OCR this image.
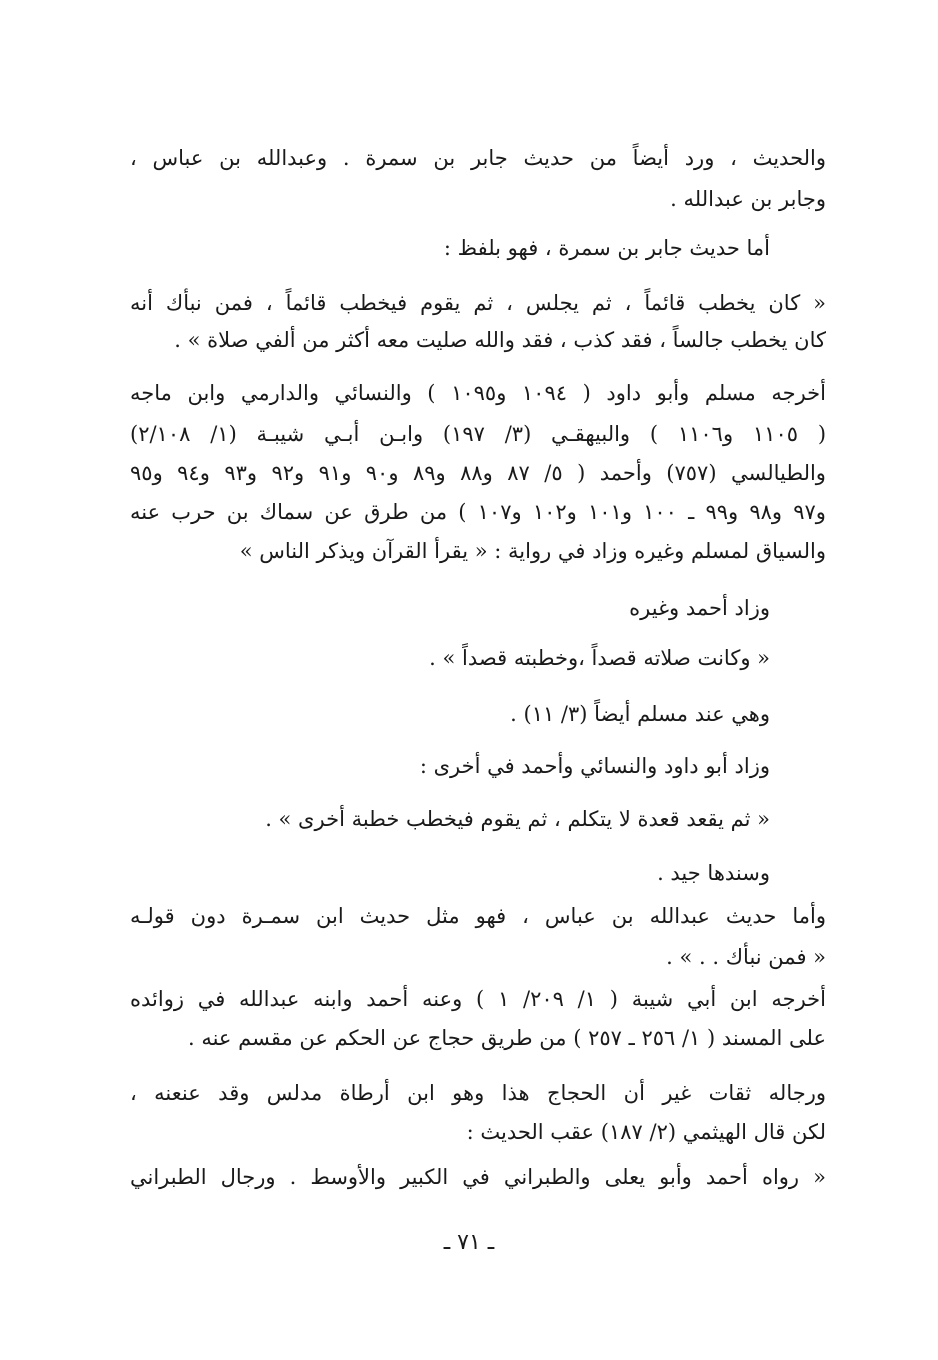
والحديث ، ورد أيضاً من حديث جابر بن سمرة . وعبدالله بن عباس ،
وجابر بن عبدالله .
أما حديث جابر بن سمرة ، فهو بلفظ :
« كان يخطب قائماً ، ثم يجلس ، ثم يقوم فيخطب قائماً ، فمن نبأك أنه
كان يخطب جالساً ، فقد كذب ، فقد والله صليت معه أكثر من ألفي صلاة » .
أخرجه مسلم وأبو داود ( ١٠٩٤ و١٠٩٥ ) والنسائي والدارمي وابن ماجه
( ١١٠٥ و١١٠٦ ) والبيهقـي (٣/ ١٩٧) وابـن أبـي شيبـة (١/ ٢/١٠٨)
والطيالسي (٧٥٧) وأحمد ( ٥/ ٨٧ و٨٨ و٨٩ و٩٠ و٩١ و٩٢ و٩٣ و٩٤ و٩٥
و٩٧ و٩٨ و٩٩ ـ ١٠٠ و١٠١ و١٠٢ و١٠٧ ) من طرق عن سماك بن حرب عنه
والسياق لمسلم وغيره وزاد في رواية : « يقرأ القرآن ويذكر الناس »
وزاد أحمد وغيره
« وكانت صلاته قصداً ،وخطبته قصداً » .
وهي عند مسلم أيضاً (٣/ ١١) .
وزاد أبو داود والنسائي وأحمد في أخرى :
« ثم يقعد قعدة لا يتكلم ، ثم يقوم فيخطب خطبة أخرى » .
وسندها جيد .
وأما حديث عبدالله بن عباس ، فهو مثل حديث ابن سمـرة دون قولـه
« فمن نبأك . . » .
أخرجه ابن أبي شيبة ( ١/ ٢٠٩/ ١ ) وعنه أحمد وابنه عبدالله في زوائده
على المسند ( ١/ ٢٥٦ ـ ٢٥٧ ) من طريق حجاج عن الحكم عن مقسم عنه .
ورجاله ثقات غير أن الحجاج هذا وهو ابن أرطاة مدلس وقد عنعنه ،
لكن قال الهيثمي (٢/ ١٨٧) عقب الحديث :
« رواه أحمد وأبو يعلى والطبراني في الكبير والأوسط . ورجال الطبراني
ـ ٧١ ـ
